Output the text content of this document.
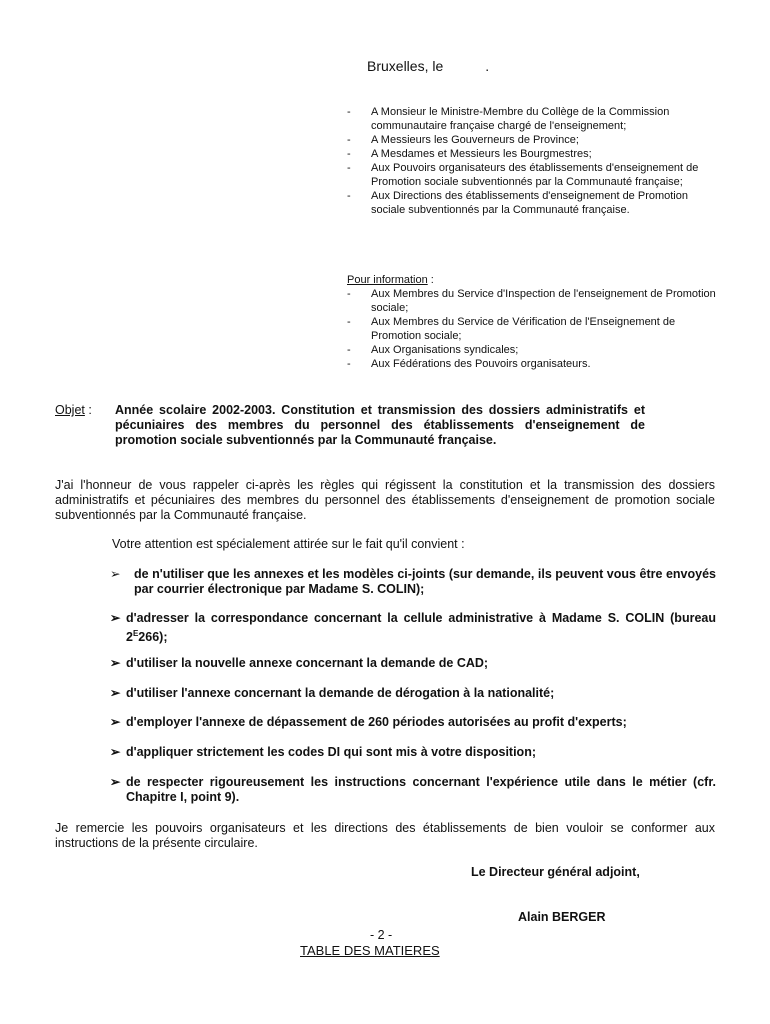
Bruxelles, le	.
-	A Monsieur le Ministre-Membre du Collège de la Commission communautaire française chargé de l'enseignement;
-	A Messieurs les Gouverneurs de Province;
-	A Mesdames et Messieurs les Bourgmestres;
-	Aux Pouvoirs organisateurs des établissements d'enseignement de Promotion sociale subventionnés par la Communauté française;
-	Aux Directions des établissements d'enseignement de Promotion sociale subventionnés par la Communauté française.
Pour information :
-	Aux Membres du Service d'Inspection de l'enseignement de Promotion sociale;
-	Aux Membres du Service de Vérification de l'Enseignement de Promotion sociale;
-	Aux Organisations syndicales;
-	Aux Fédérations des Pouvoirs organisateurs.
Objet :	Année scolaire 2002-2003. Constitution et transmission des dossiers administratifs et pécuniaires des membres du personnel des établissements d'enseignement de promotion sociale subventionnés par la Communauté française.
J'ai l'honneur de vous rappeler ci-après les règles qui régissent la constitution et la transmission des dossiers administratifs et pécuniaires des membres du personnel des établissements d'enseignement de promotion sociale subventionnés par la Communauté française.
Votre attention est spécialement attirée sur le fait qu'il convient :
➢	de n'utiliser que les annexes et les modèles ci-joints (sur demande, ils peuvent vous être envoyés par courrier électronique par Madame S. COLIN);
➢ d'adresser la correspondance concernant la cellule administrative à Madame S. COLIN (bureau $2^E266$);
➢ d'utiliser la nouvelle annexe concernant la demande de CAD;
➢ d'utiliser l'annexe concernant la demande de dérogation à la nationalité;
➢ d'employer l'annexe de dépassement de 260 périodes autorisées au profit d'experts;
➢ d'appliquer strictement les codes DI qui sont mis à votre disposition;
➢ de respecter rigoureusement les instructions concernant l'expérience utile dans le métier (cfr. Chapitre I, point 9).
Je remercie les pouvoirs organisateurs et les directions des établissements de bien vouloir se conformer aux instructions de la présente circulaire.
Le Directeur général adjoint,
Alain BERGER
- 2 -
TABLE DES MATIERES
